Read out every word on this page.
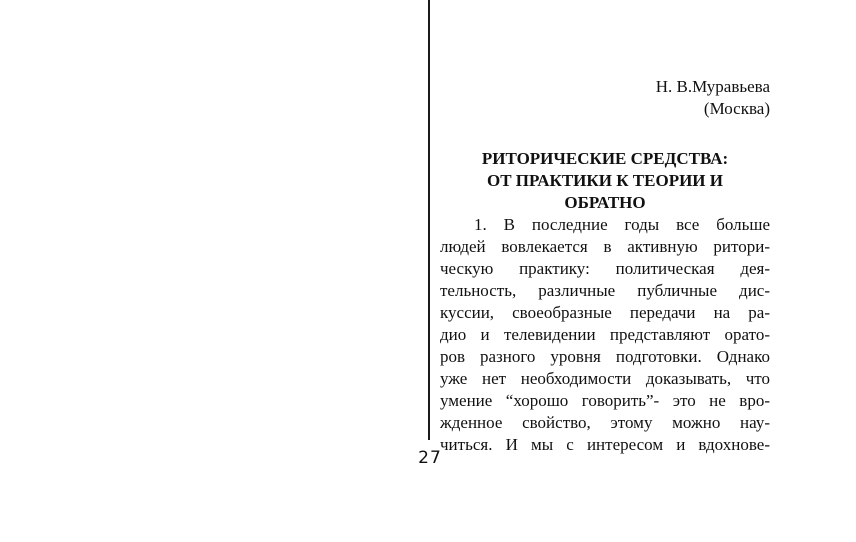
Н. В.Муравьева
(Москва)
РИТОРИЧЕСКИЕ СРЕДСТВА:
ОТ ПРАКТИКИ К ТЕОРИИ И
ОБРАТНО
1. В последние годы все больше
людей вовлекается в активную ритори-
ческую практику: политическая дея-
тельность, различные публичные дис-
куссии, своеобразные передачи на ра-
дио и телевидении представляют орато-
ров разного уровня подготовки. Однако
уже нет необходимости доказывать, что
умение “хорошо говорить”- это не вро-
жденное свойство, этому можно нау-
читься. И мы с интересом и вдохнове-
27
